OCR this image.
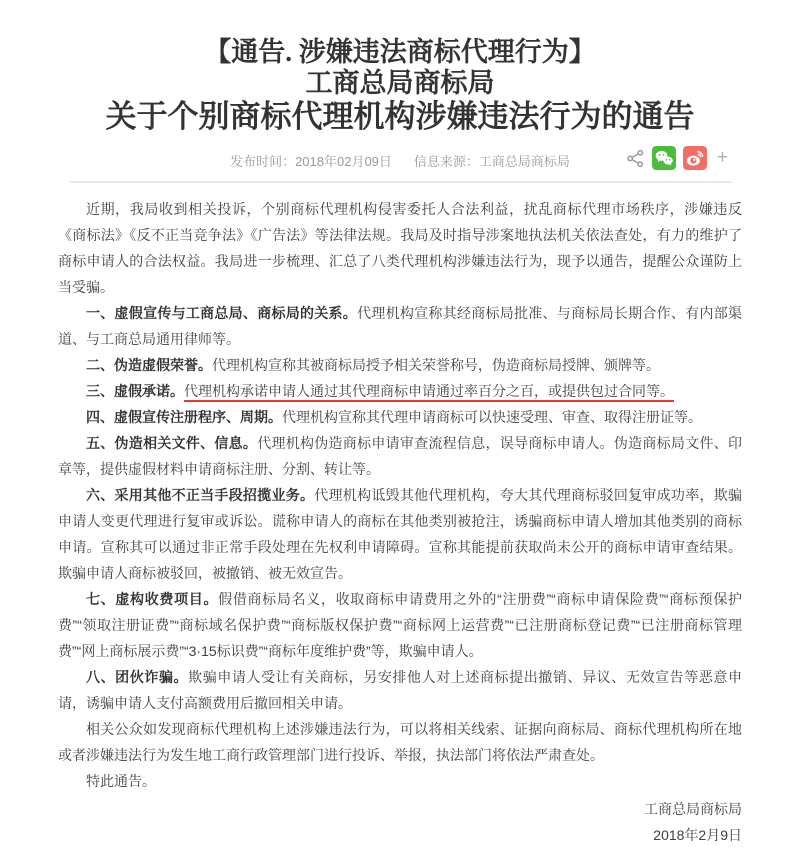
【通告. 涉嫌违法商标代理行为】
工商总局商标局
关于个别商标代理机构涉嫌违法行为的通告
发布时间：2018年02月09日 信息来源：工商总局商标局	+

近期，我局收到相关投诉，个别商标代理机构侵害委托人合法利益，扰乱商标代理市场秩序，涉嫌违反《商标法》《反不正当竞争法》《广告法》等法律法规。我局及时指导涉案地执法机关依法查处，有力的维护了商标申请人的合法权益。我局进一步梳理、汇总了八类代理机构涉嫌违法行为，现予以通告，提醒公众谨防上当受骗。

一、虚假宣传与工商总局、商标局的关系。代理机构宣称其经商标局批准、与商标局长期合作、有内部渠道、与工商总局通用律师等。

二、伪造虚假荣誉。代理机构宣称其被商标局授予相关荣誉称号，伪造商标局授牌、颁牌等。

三、虚假承诺。代理机构承诺申请人通过其代理商标申请通过率百分之百，或提供包过合同等。

四、虚假宣传注册程序、周期。代理机构宣称其代理申请商标可以快速受理、审查、取得注册证等。

五、伪造相关文件、信息。代理机构伪造商标申请审查流程信息，误导商标申请人。伪造商标局文件、印章等，提供虚假材料申请商标注册、分割、转让等。

六、采用其他不正当手段招揽业务。代理机构诋毁其他代理机构，夸大其代理商标驳回复审成功率，欺骗申请人变更代理进行复审或诉讼。谎称申请人的商标在其他类别被抢注，诱骗商标申请人增加其他类别的商标申请。宣称其可以通过非正常手段处理在先权利申请障碍。宣称其能提前获取尚未公开的商标申请审查结果。欺骗申请人商标被驳回，被撤销、被无效宣告。

七、虚构收费项目。假借商标局名义，收取商标申请费用之外的“注册费”“商标申请保险费”“商标预保护费”“领取注册证费”“商标域名保护费”“商标版权保护费”“商标网上运营费”“已注册商标登记费”“已注册商标管理费”“网上商标展示费”“3·15标识费”“商标年度维护费”等，欺骗申请人。

八、团伙诈骗。欺骗申请人受让有关商标，另安排他人对上述商标提出撤销、异议、无效宣告等恶意申请，诱骗申请人支付高额费用后撤回相关申请。

相关公众如发现商标代理机构上述涉嫌违法行为，可以将相关线索、证据向商标局、商标代理机构所在地或者涉嫌违法行为发生地工商行政管理部门进行投诉、举报，执法部门将依法严肃查处。

特此通告。

工商总局商标局

2018年2月9日
